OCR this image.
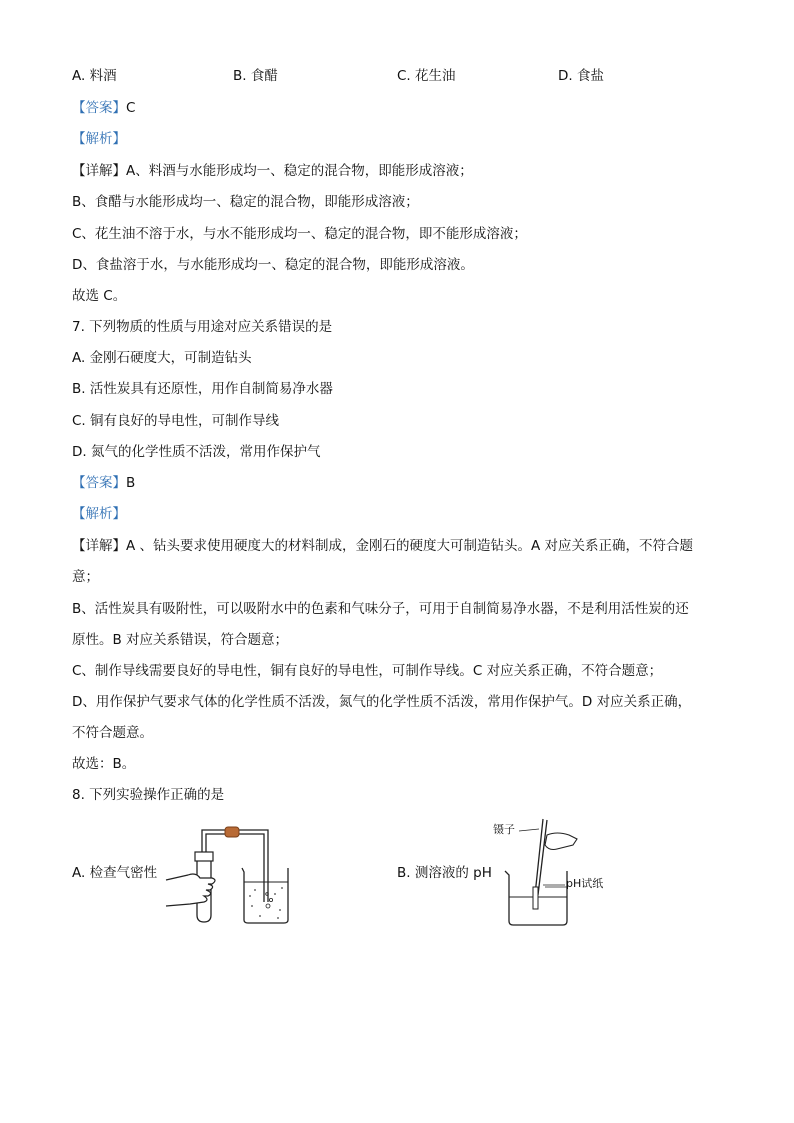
A. 料酒	B. 食醋	C. 花生油	D. 食盐
【答案】C
【解析】
【详解】A、料酒与水能形成均一、稳定的混合物，即能形成溶液；
B、食醋与水能形成均一、稳定的混合物，即能形成溶液；
C、花生油不溶于水，与水不能形成均一、稳定的混合物，即不能形成溶液；
D、食盐溶于水，与水能形成均一、稳定的混合物，即能形成溶液。
故选 C。
7. 下列物质的性质与用途对应关系错误的是
A. 金刚石硬度大，可制造钻头
B. 活性炭具有还原性，用作自制简易净水器
C. 铜有良好的导电性，可制作导线
D. 氮气的化学性质不活泼，常用作保护气
【答案】B
【解析】
【详解】A 、钻头要求使用硬度大的材料制成，金刚石的硬度大可制造钻头。A 对应关系正确，不符合题
意；
B、活性炭具有吸附性，可以吸附水中的色素和气味分子，可用于自制简易净水器，不是利用活性炭的还
原性。B 对应关系错误，符合题意；
C、制作导线需要良好的导电性，铜有良好的导电性，可制作导线。C 对应关系正确，不符合题意；
D、用作保护气要求气体的化学性质不活泼，氮气的化学性质不活泼，常用作保护气。D 对应关系正确，
不符合题意。
故选：B。
8. 下列实验操作正确的是
A. 检查气密性	B. 测溶液的 pH
镊子
pH试纸
